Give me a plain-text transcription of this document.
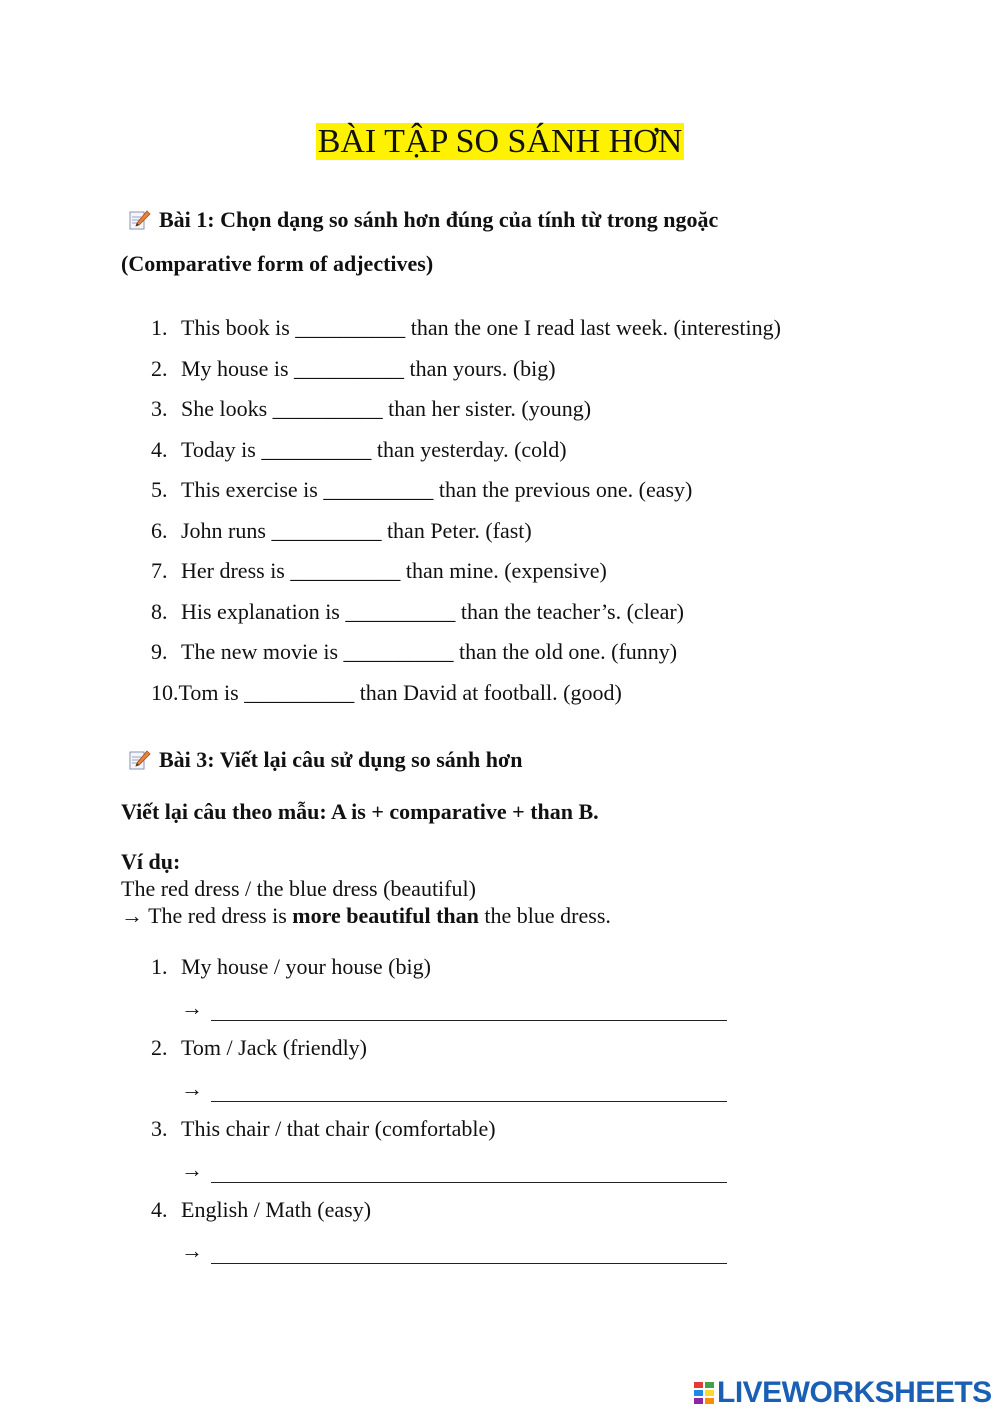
BÀI TẬP SO SÁNH HƠN
Bài 1: Chọn dạng so sánh hơn đúng của tính từ trong ngoặc
(Comparative form of adjectives)
1. This book is __________ than the one I read last week. (interesting)
2. My house is __________ than yours. (big)
3. She looks __________ than her sister. (young)
4. Today is __________ than yesterday. (cold)
5. This exercise is __________ than the previous one. (easy)
6. John runs __________ than Peter. (fast)
7. Her dress is __________ than mine. (expensive)
8. His explanation is __________ than the teacher’s. (clear)
9. The new movie is __________ than the old one. (funny)
10.Tom is __________ than David at football. (good)
Bài 3: Viết lại câu sử dụng so sánh hơn
Viết lại câu theo mẫu: A is + comparative + than B.
Ví dụ:
The red dress / the blue dress (beautiful)
→ The red dress is more beautiful than the blue dress.
1. My house / your house (big)
→
2. Tom / Jack (friendly)
→
3. This chair / that chair (comfortable)
→
4. English / Math (easy)
→
LIVEWORKSHEETS
